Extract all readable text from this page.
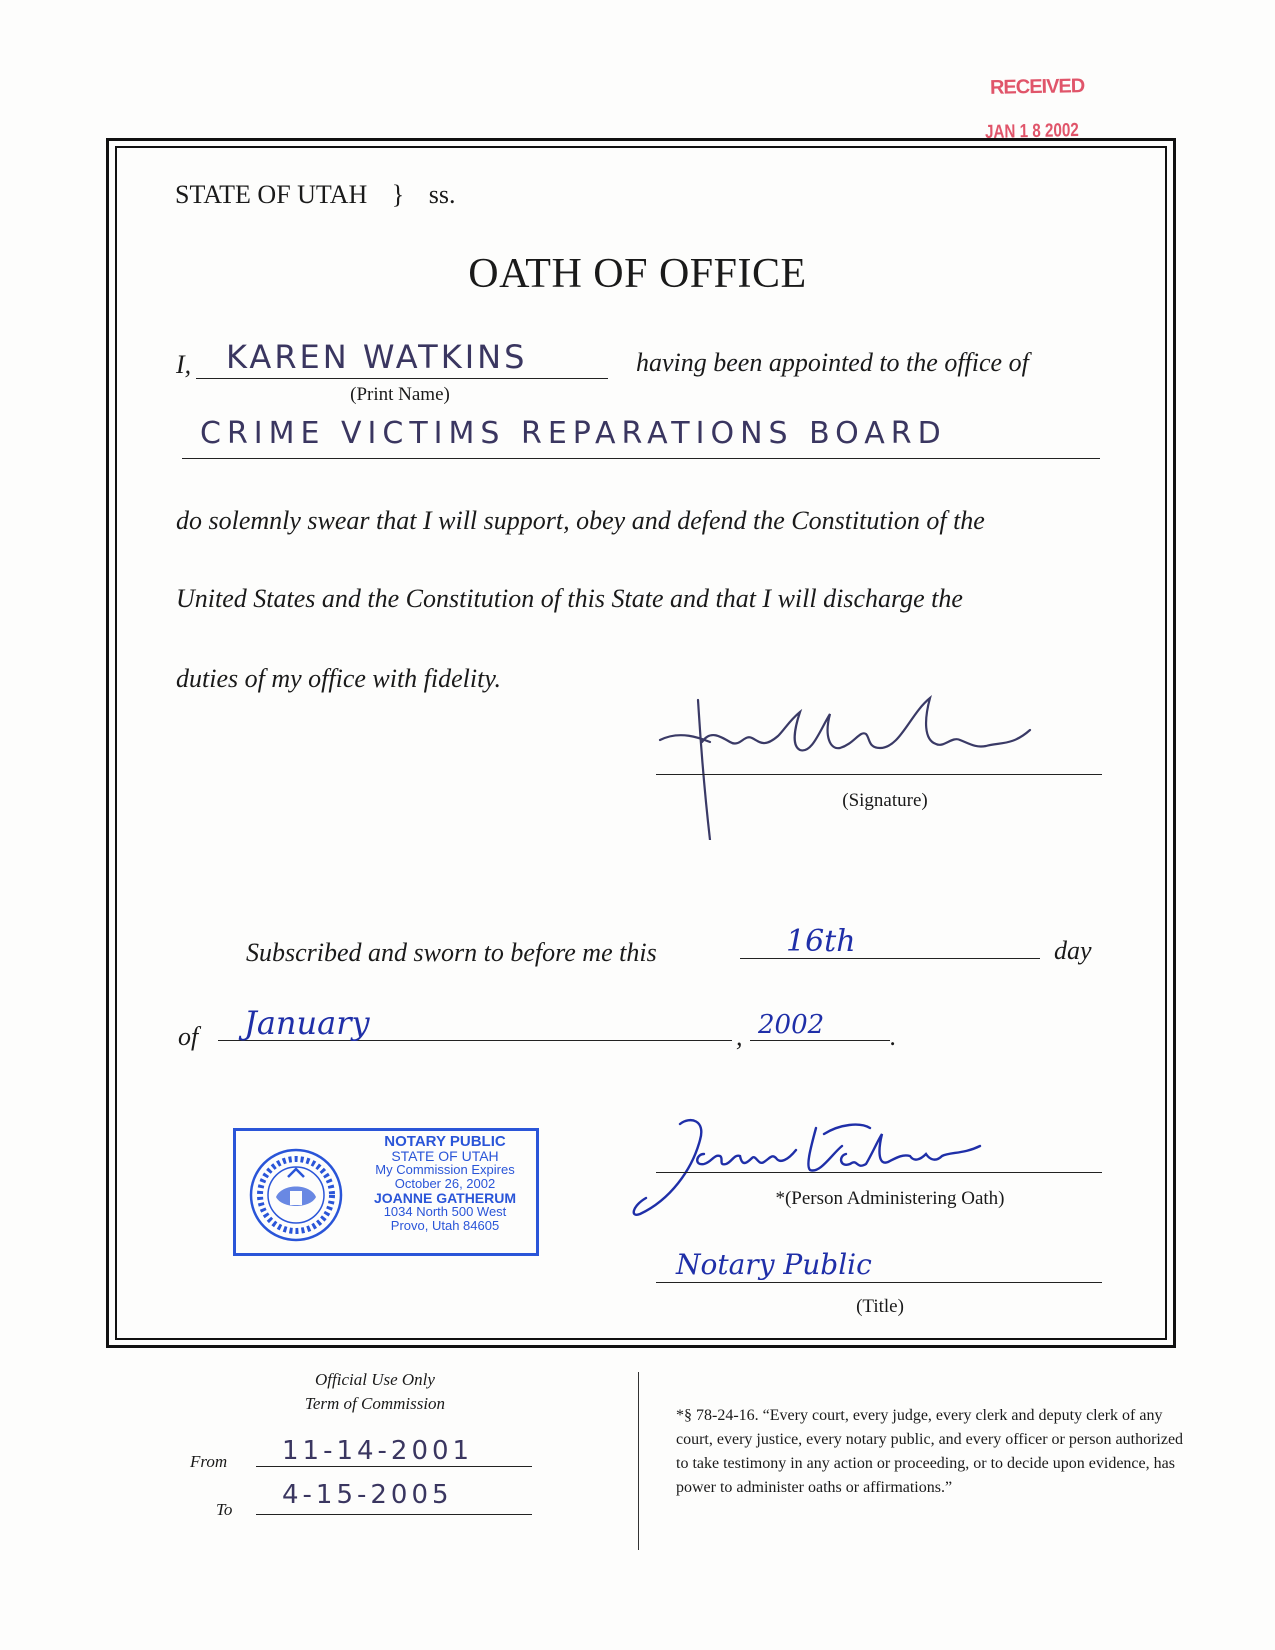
RECEIVED
JAN 1 8 2002
STATE OF UTAH } ss.
OATH OF OFFICE
I, KAREN WATKINS
(Print Name)
having been appointed to the office of
CRIME VICTIMS REPARATIONS BOARD
do solemnly swear that I will support, obey and defend the Constitution of the
United States and the Constitution of this State and that I will discharge the
duties of my office with fidelity.
(Signature)
Subscribed and sworn to before me this	16th	day
of January	, 2002	.
NOTARY PUBLIC
STATE OF UTAH
My Commission Expires
October 26, 2002
JOANNE GATHERUM
1034 North 500 West
Provo, Utah 84605
*(Person Administering Oath)
Notary Public
(Title)
Official Use Only
Term of Commission
From 11-14-2001
To 4-15-2005
*§ 78-24-16. “Every court, every judge, every clerk and deputy clerk of any court, every justice, every notary public, and every officer or person authorized to take testimony in any action or proceeding, or to decide upon evidence, has power to administer oaths or affirmations.”
